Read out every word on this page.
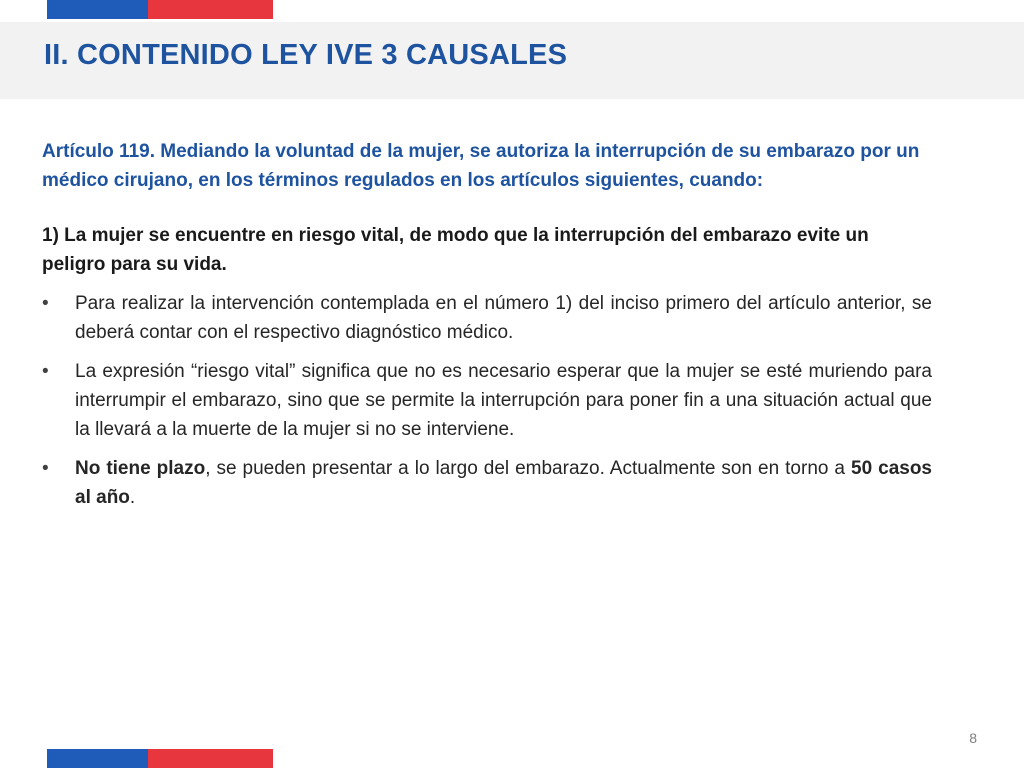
II. CONTENIDO LEY IVE 3 CAUSALES

Artículo 119. Mediando la voluntad de la mujer, se autoriza la interrupción de su embarazo por un médico cirujano, en los términos regulados en los artículos siguientes, cuando:

1) La mujer se encuentre en riesgo vital, de modo que la interrupción del embarazo evite un peligro para su vida.

• Para realizar la intervención contemplada en el número 1) del inciso primero del artículo anterior, se deberá contar con el respectivo diagnóstico médico.
• La expresión “riesgo vital” significa que no es necesario esperar que la mujer se esté muriendo para interrumpir el embarazo, sino que se permite la interrupción para poner fin a una situación actual que la llevará a la muerte de la mujer si no se interviene.
• No tiene plazo, se pueden presentar a lo largo del embarazo. Actualmente son en torno a 50 casos al año.
8
